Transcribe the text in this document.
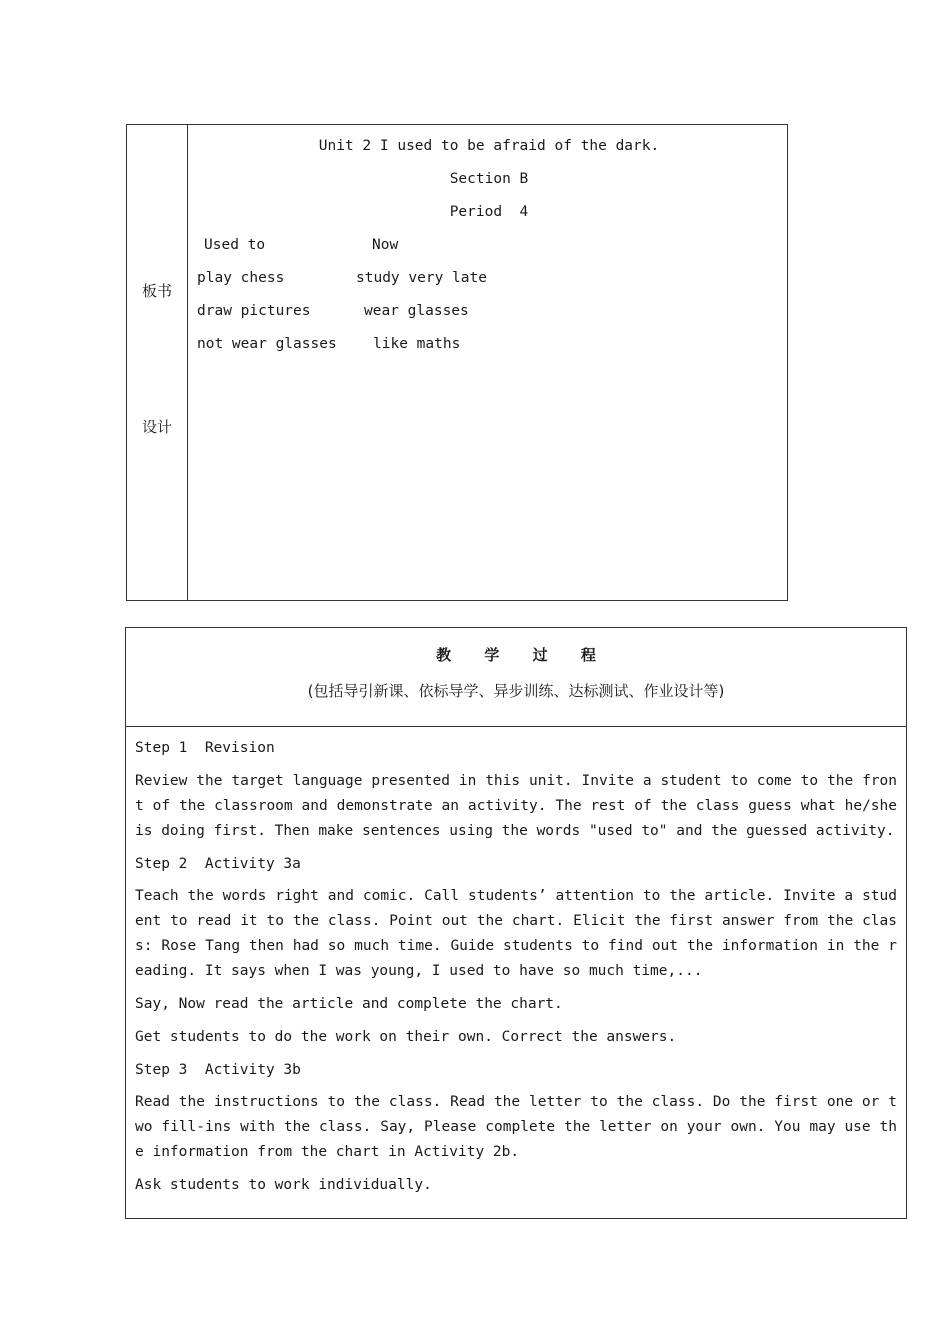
板书
设计
Unit 2 I used to be afraid of the dark.
Section B
Period  4
Used to	Now
play chess	study very late
draw pictures	wear glasses
not wear glasses	like maths
教 学 过 程
(包括导引新课、依标导学、异步训练、达标测试、作业设计等)
Step 1  Revision
Review the target language presented in this unit. Invite a student to come to the front of the classroom and demonstrate an activity. The rest of the class guess what he/she is doing first. Then make sentences using the words "used to" and the guessed activity.
Step 2  Activity 3a
Teach the words right and comic. Call students’ attention to the article. Invite a student to read it to the class. Point out the chart. Elicit the first answer from the class: Rose Tang then had so much time. Guide students to find out the information in the reading. It says when I was young, I used to have so much time,...
Say, Now read the article and complete the chart.
Get students to do the work on their own. Correct the answers.
Step 3  Activity 3b
Read the instructions to the class. Read the letter to the class. Do the first one or two fill-ins with the class. Say, Please complete the letter on your own. You may use the information from the chart in Activity 2b.
Ask students to work individually.
